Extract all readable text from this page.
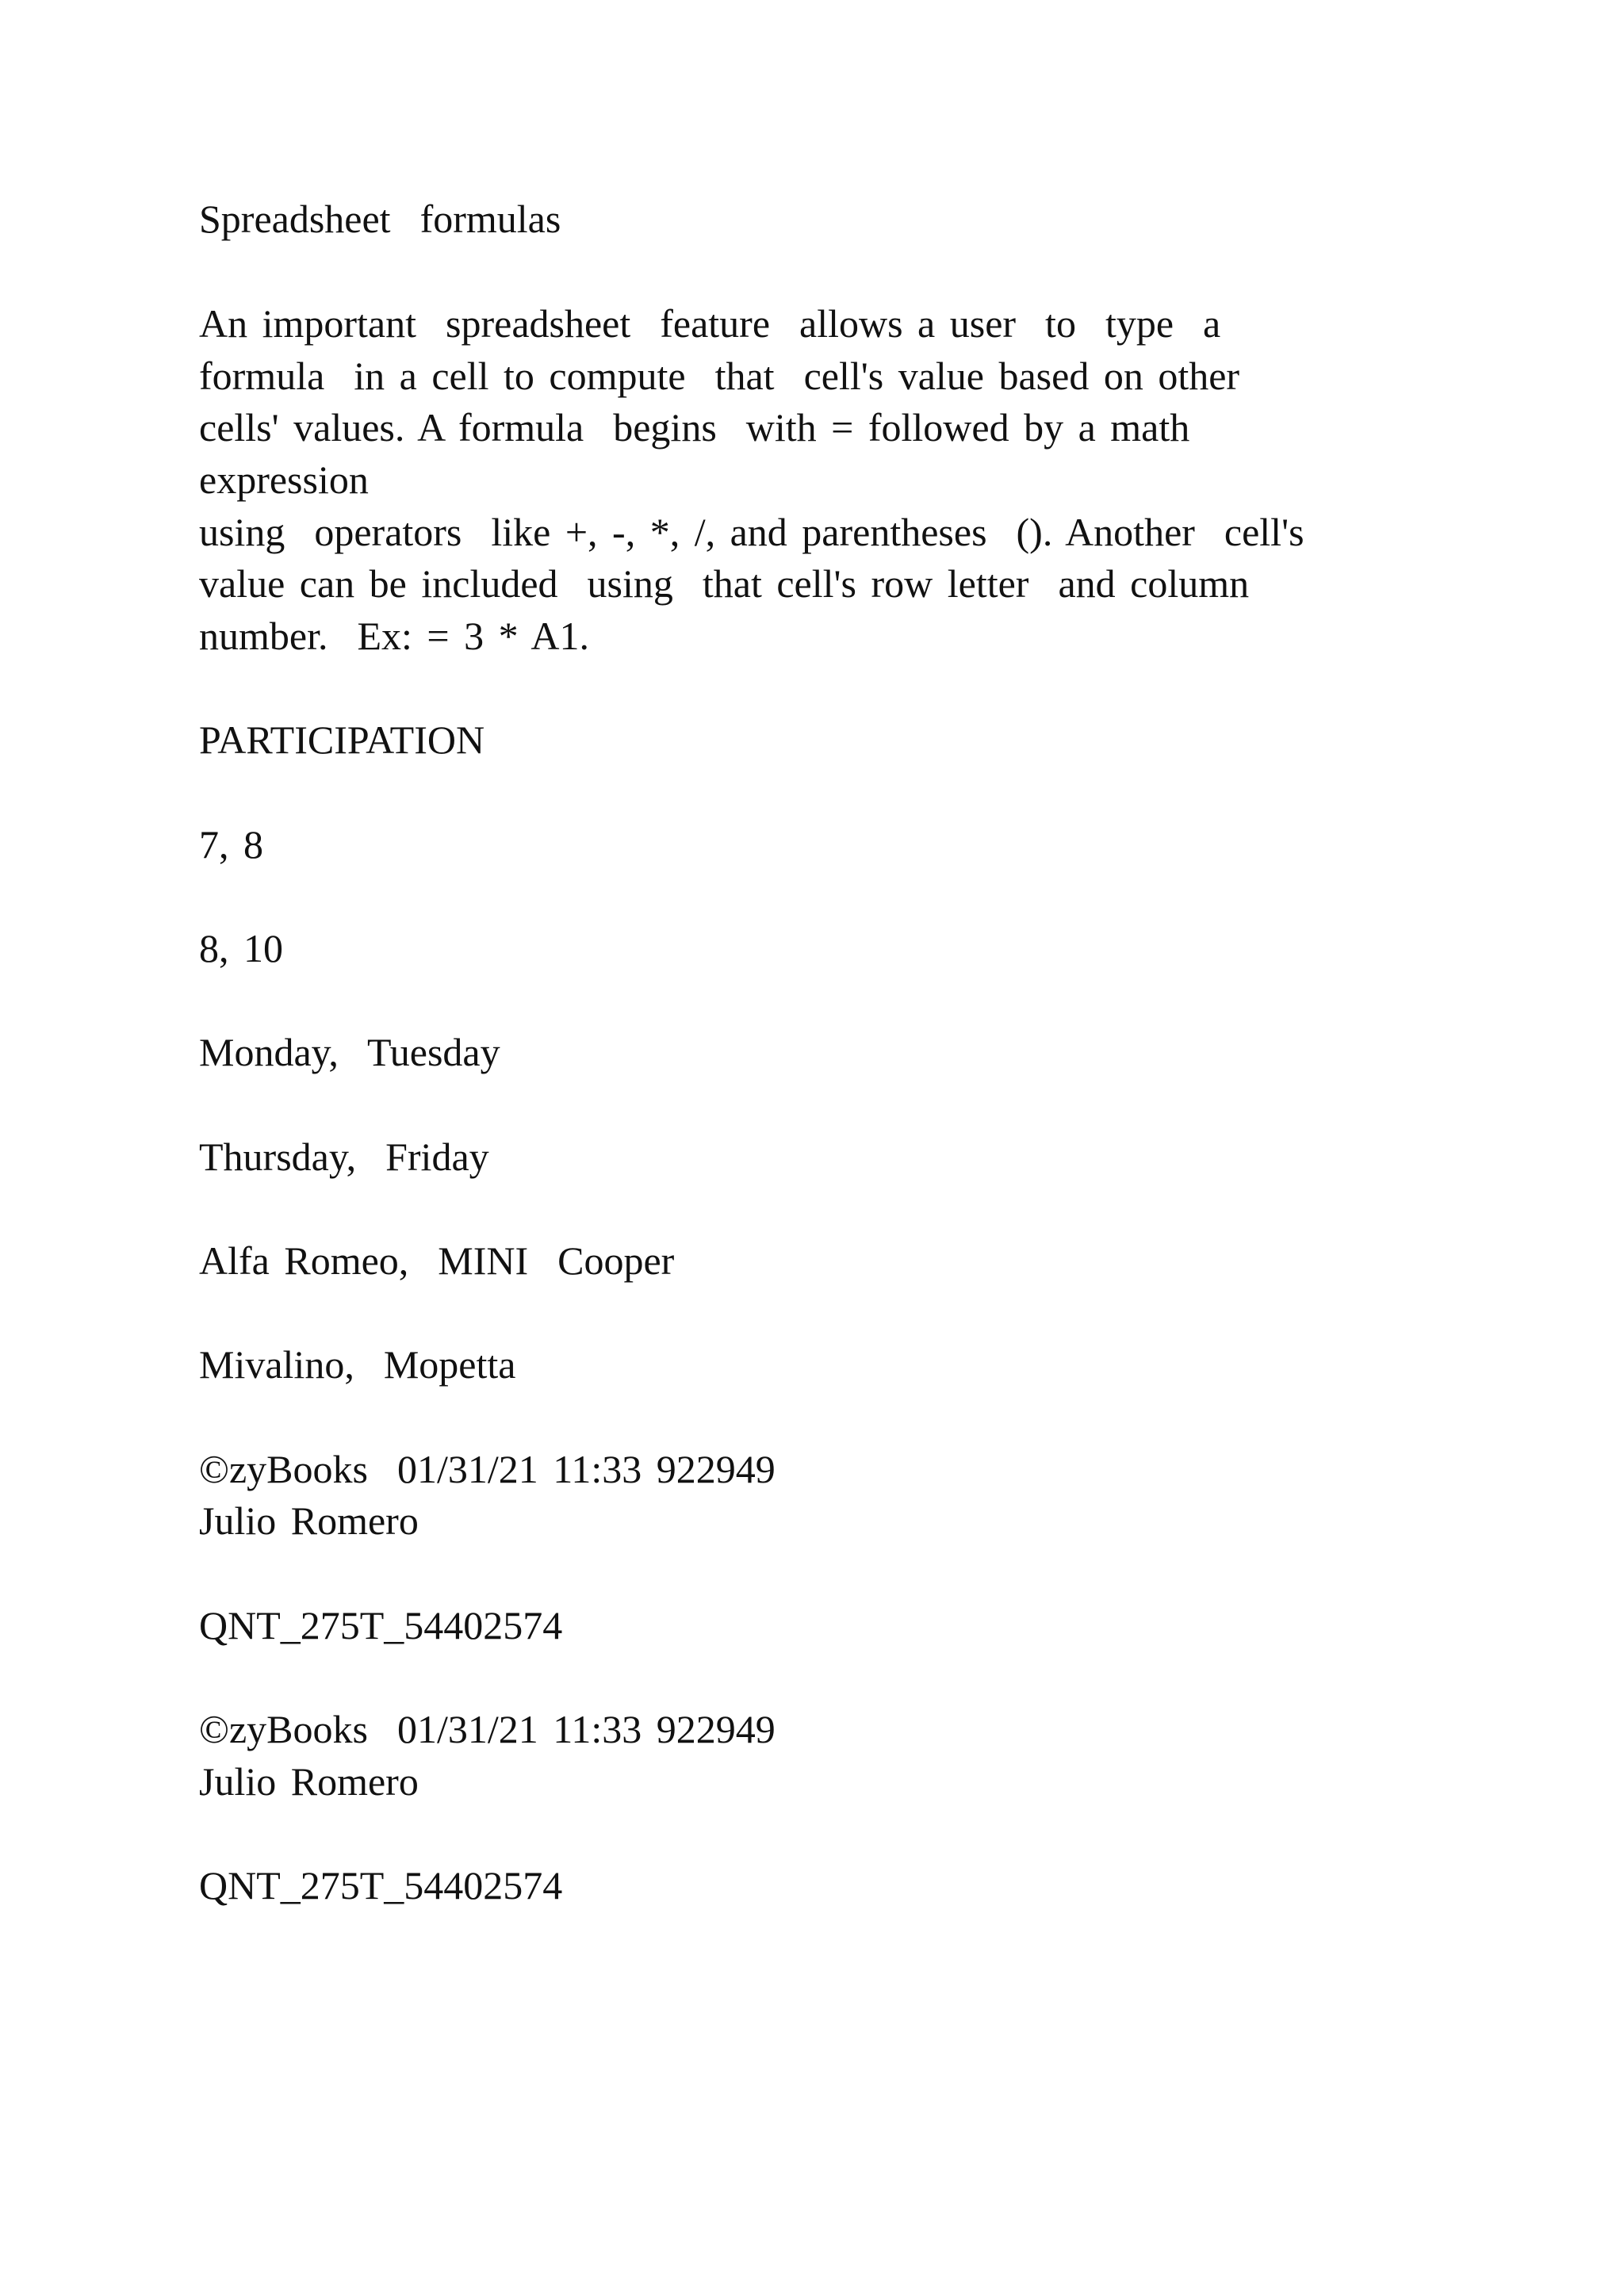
Spreadsheet  formulas

An important  spreadsheet  feature  allows a user  to  type  a

formula  in a cell to compute  that  cell's value based on other

cells' values. A formula  begins  with = followed by a math

expression

using  operators  like +, -, *, /, and parentheses  (). Another  cell's

value can be included  using  that cell's row letter  and column

number.  Ex: = 3 * A1.

PARTICIPATION

7, 8

8, 10

Monday,  Tuesday

Thursday,  Friday

Alfa Romeo,  MINI  Cooper

Mivalino,  Mopetta

©zyBooks  01/31/21 11:33 922949

Julio Romero

QNT_275T_54402574

©zyBooks  01/31/21 11:33 922949

Julio Romero

QNT_275T_54402574
